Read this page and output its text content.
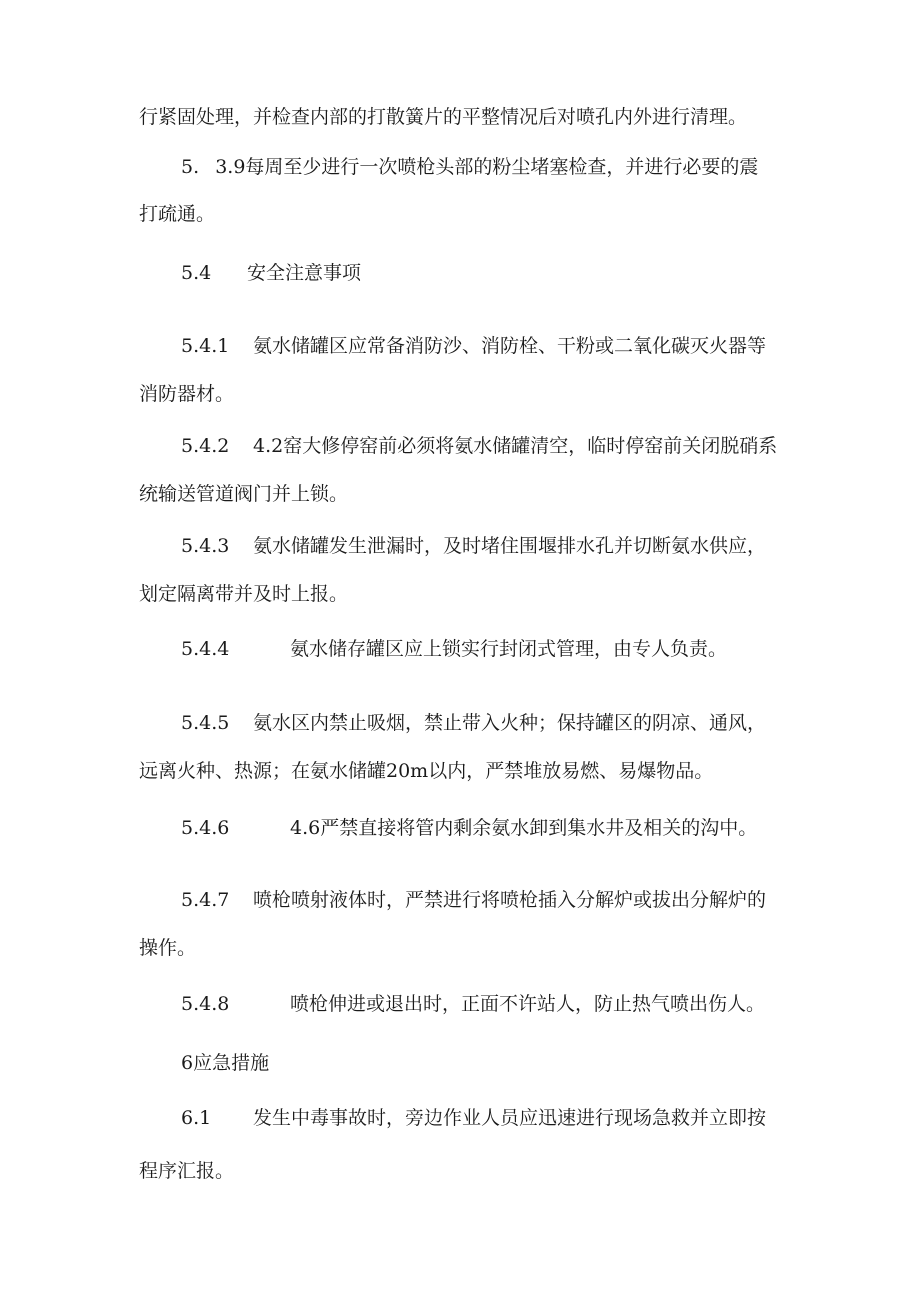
行紧固处理，并检查内部的打散簧片的平整情况后对喷孔内外进行清理。
5. 3.9每周至少进行一次喷枪头部的粉尘堵塞检查，并进行必要的震
打疏通。
5.4 安全注意事项
5.4.1 氨水储罐区应常备消防沙、消防栓、干粉或二氧化碳灭火器等
消防器材。
5.4.2 4.2窑大修停窑前必须将氨水储罐清空，临时停窑前关闭脱硝系
统输送管道阀门并上锁。
5.4.3 氨水储罐发生泄漏时，及时堵住围堰排水孔并切断氨水供应，
划定隔离带并及时上报。
5.4.4	氨水储存罐区应上锁实行封闭式管理，由专人负责。
5.4.5 氨水区内禁止吸烟，禁止带入火种；保持罐区的阴凉、通风，
远离火种、热源；在氨水储罐20m以内，严禁堆放易燃、易爆物品。
5.4.6	4.6严禁直接将管内剩余氨水卸到集水井及相关的沟中。
5.4.7 喷枪喷射液体时，严禁进行将喷枪插入分解炉或拔出分解炉的
操作。
5.4.8	喷枪伸进或退出时，正面不许站人，防止热气喷出伤人。
6应急措施
6.1 发生中毒事故时，旁边作业人员应迅速进行现场急救并立即按
程序汇报。
